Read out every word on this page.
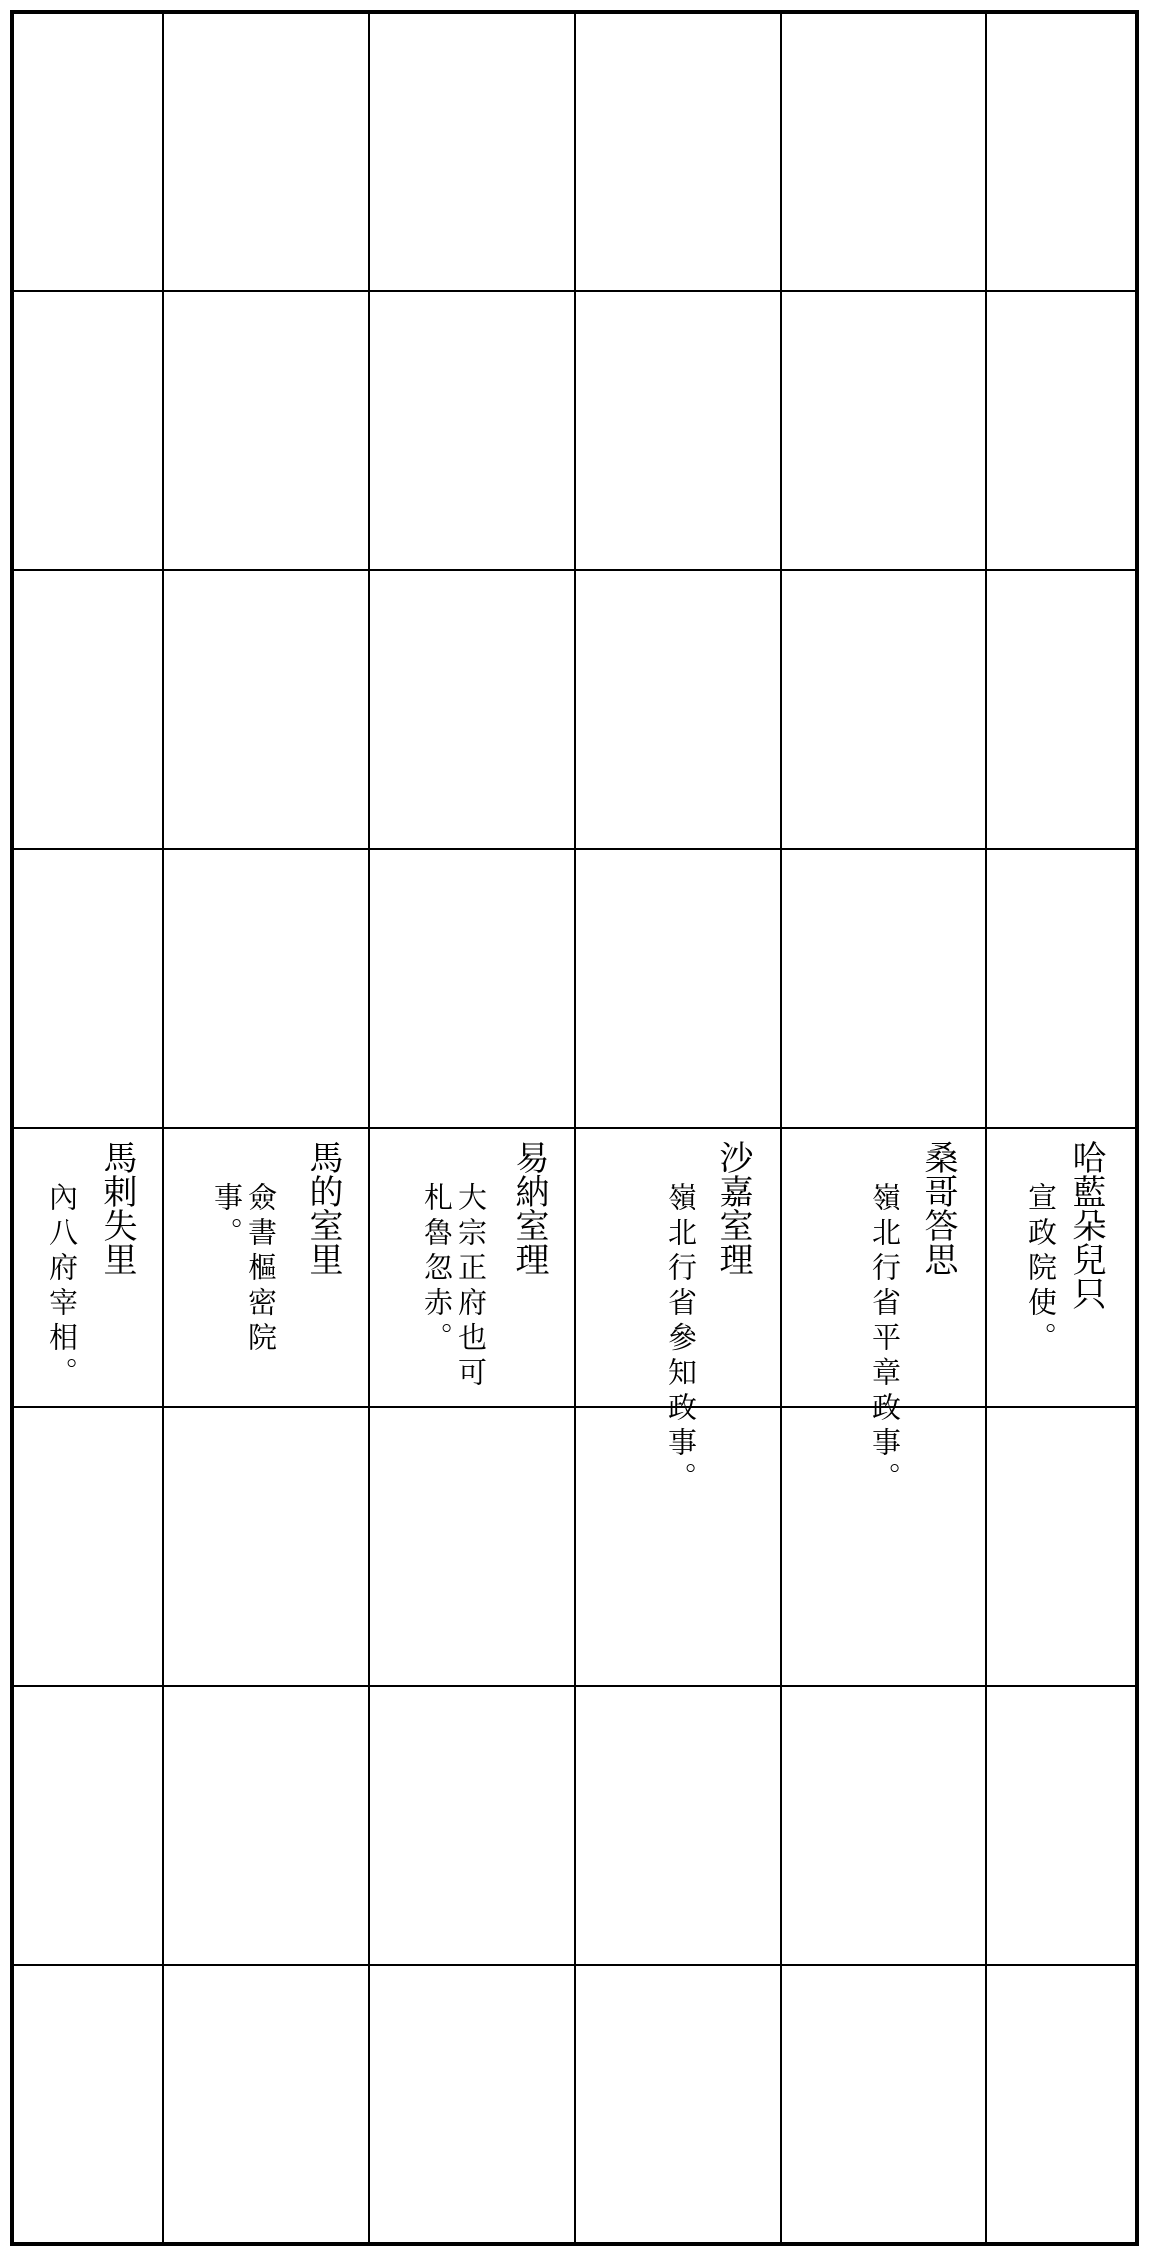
哈藍朵兒只
宣政院使。
桑哥答思
嶺北行省平章政事。
沙嘉室理
嶺北行省參知政事。
易納室理
大宗正府也可札魯忽赤。
馬的室里
僉書樞密院事。
馬剌失里
內八府宰相。
